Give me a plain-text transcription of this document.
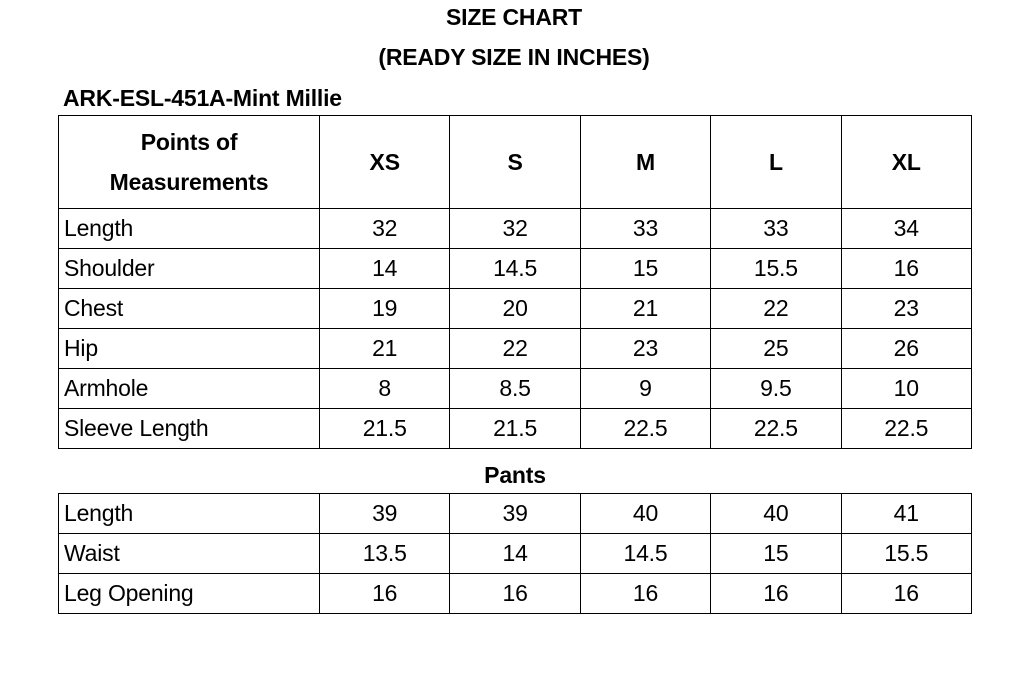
SIZE CHART
(READY SIZE IN INCHES)
ARK-ESL-451A-Mint Millie
Points of
Measurements	XS	S	M	L	XL
Length	32	32	33	33	34
Shoulder	14	14.5	15	15.5	16
Chest	19	20	21	22	23
Hip	21	22	23	25	26
Armhole	8	8.5	9	9.5	10
Sleeve Length	21.5	21.5	22.5	22.5	22.5
Pants
Length	39	39	40	40	41
Waist	13.5	14	14.5	15	15.5
Leg Opening	16	16	16	16	16
